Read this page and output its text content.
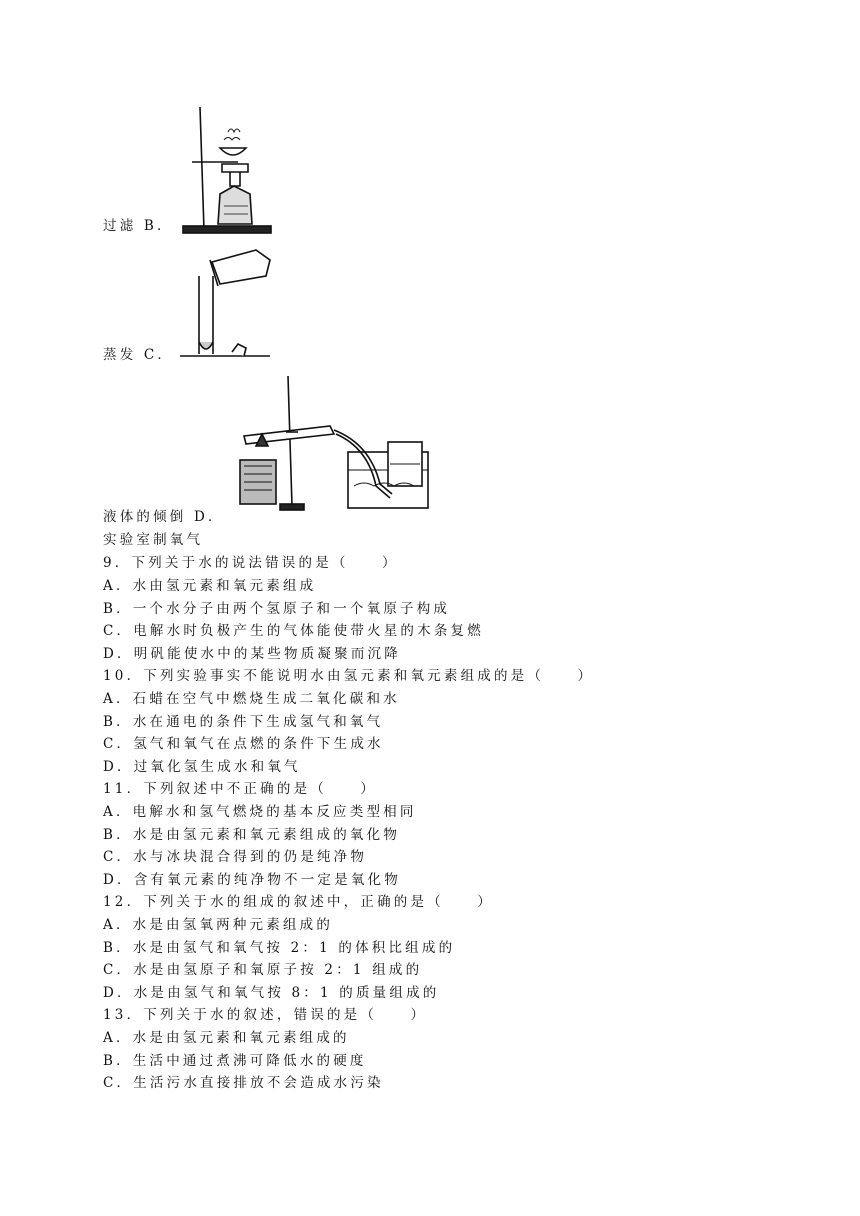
过滤 B．
蒸发 C．
液体的倾倒 D．
实验室制氧气
9．下列关于水的说法错误的是（　　）
A．水由氢元素和氧元素组成
B．一个水分子由两个氢原子和一个氧原子构成
C．电解水时负极产生的气体能使带火星的木条复燃
D．明矾能使水中的某些物质凝聚而沉降
10．下列实验事实不能说明水由氢元素和氧元素组成的是（　　）
A．石蜡在空气中燃烧生成二氧化碳和水
B．水在通电的条件下生成氢气和氧气
C．氢气和氧气在点燃的条件下生成水
D．过氧化氢生成水和氧气
11．下列叙述中不正确的是（　　）
A．电解水和氢气燃烧的基本反应类型相同
B．水是由氢元素和氧元素组成的氧化物
C．水与冰块混合得到的仍是纯净物
D．含有氧元素的纯净物不一定是氧化物
12．下列关于水的组成的叙述中，正确的是（　　）
A．水是由氢氧两种元素组成的
B．水是由氢气和氧气按 2：1 的体积比组成的
C．水是由氢原子和氧原子按 2：1 组成的
D．水是由氢气和氧气按 8：1 的质量组成的
13．下列关于水的叙述，错误的是（　　）
A．水是由氢元素和氧元素组成的
B．生活中通过煮沸可降低水的硬度
C．生活污水直接排放不会造成水污染
